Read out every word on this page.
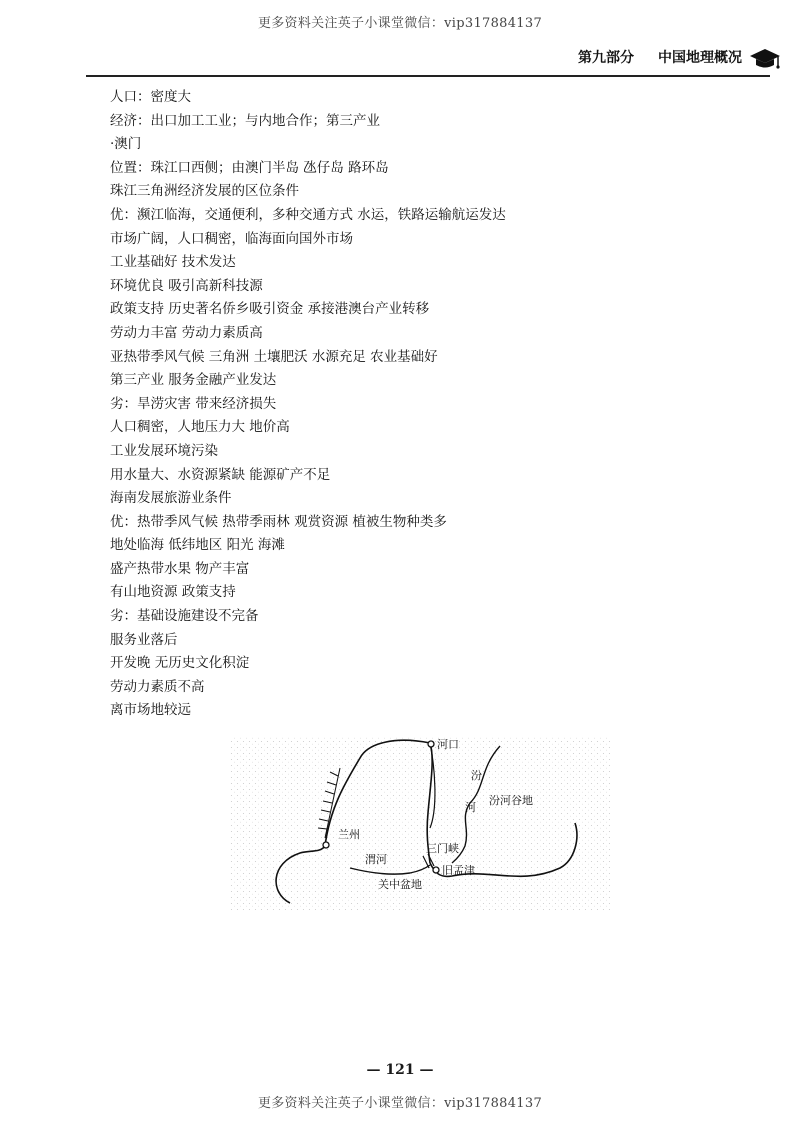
更多资料关注英子小课堂微信：vip317884137
第九部分 中国地理概况
人口：密度大
经济：出口加工工业；与内地合作；第三产业
·澳门
位置：珠江口西侧；由澳门半岛 氹仔岛 路环岛
珠江三角洲经济发展的区位条件
优：濒江临海，交通便利，多种交通方式 水运，铁路运输航运发达
市场广阔，人口稠密，临海面向国外市场
工业基础好 技术发达
环境优良 吸引高新科技源
政策支持 历史著名侨乡吸引资金 承接港澳台产业转移
劳动力丰富 劳动力素质高
亚热带季风气候 三角洲 土壤肥沃 水源充足 农业基础好
第三产业 服务金融产业发达
劣：旱涝灾害 带来经济损失
人口稠密，人地压力大 地价高
工业发展环境污染
用水量大、水资源紧缺 能源矿产不足
海南发展旅游业条件
优：热带季风气候 热带季雨林 观赏资源 植被生物种类多
地处临海 低纬地区 阳光 海滩
盛产热带水果 物产丰富
有山地资源 政策支持
劣：基础设施建设不完备
服务业落后
开发晚 无历史文化积淀
劳动力素质不高
离市场地较远
河口
汾
河
汾河谷地
兰州
渭河
三门峡
旧孟津
关中盆地
— 121 —
更多资料关注英子小课堂微信：vip317884137
